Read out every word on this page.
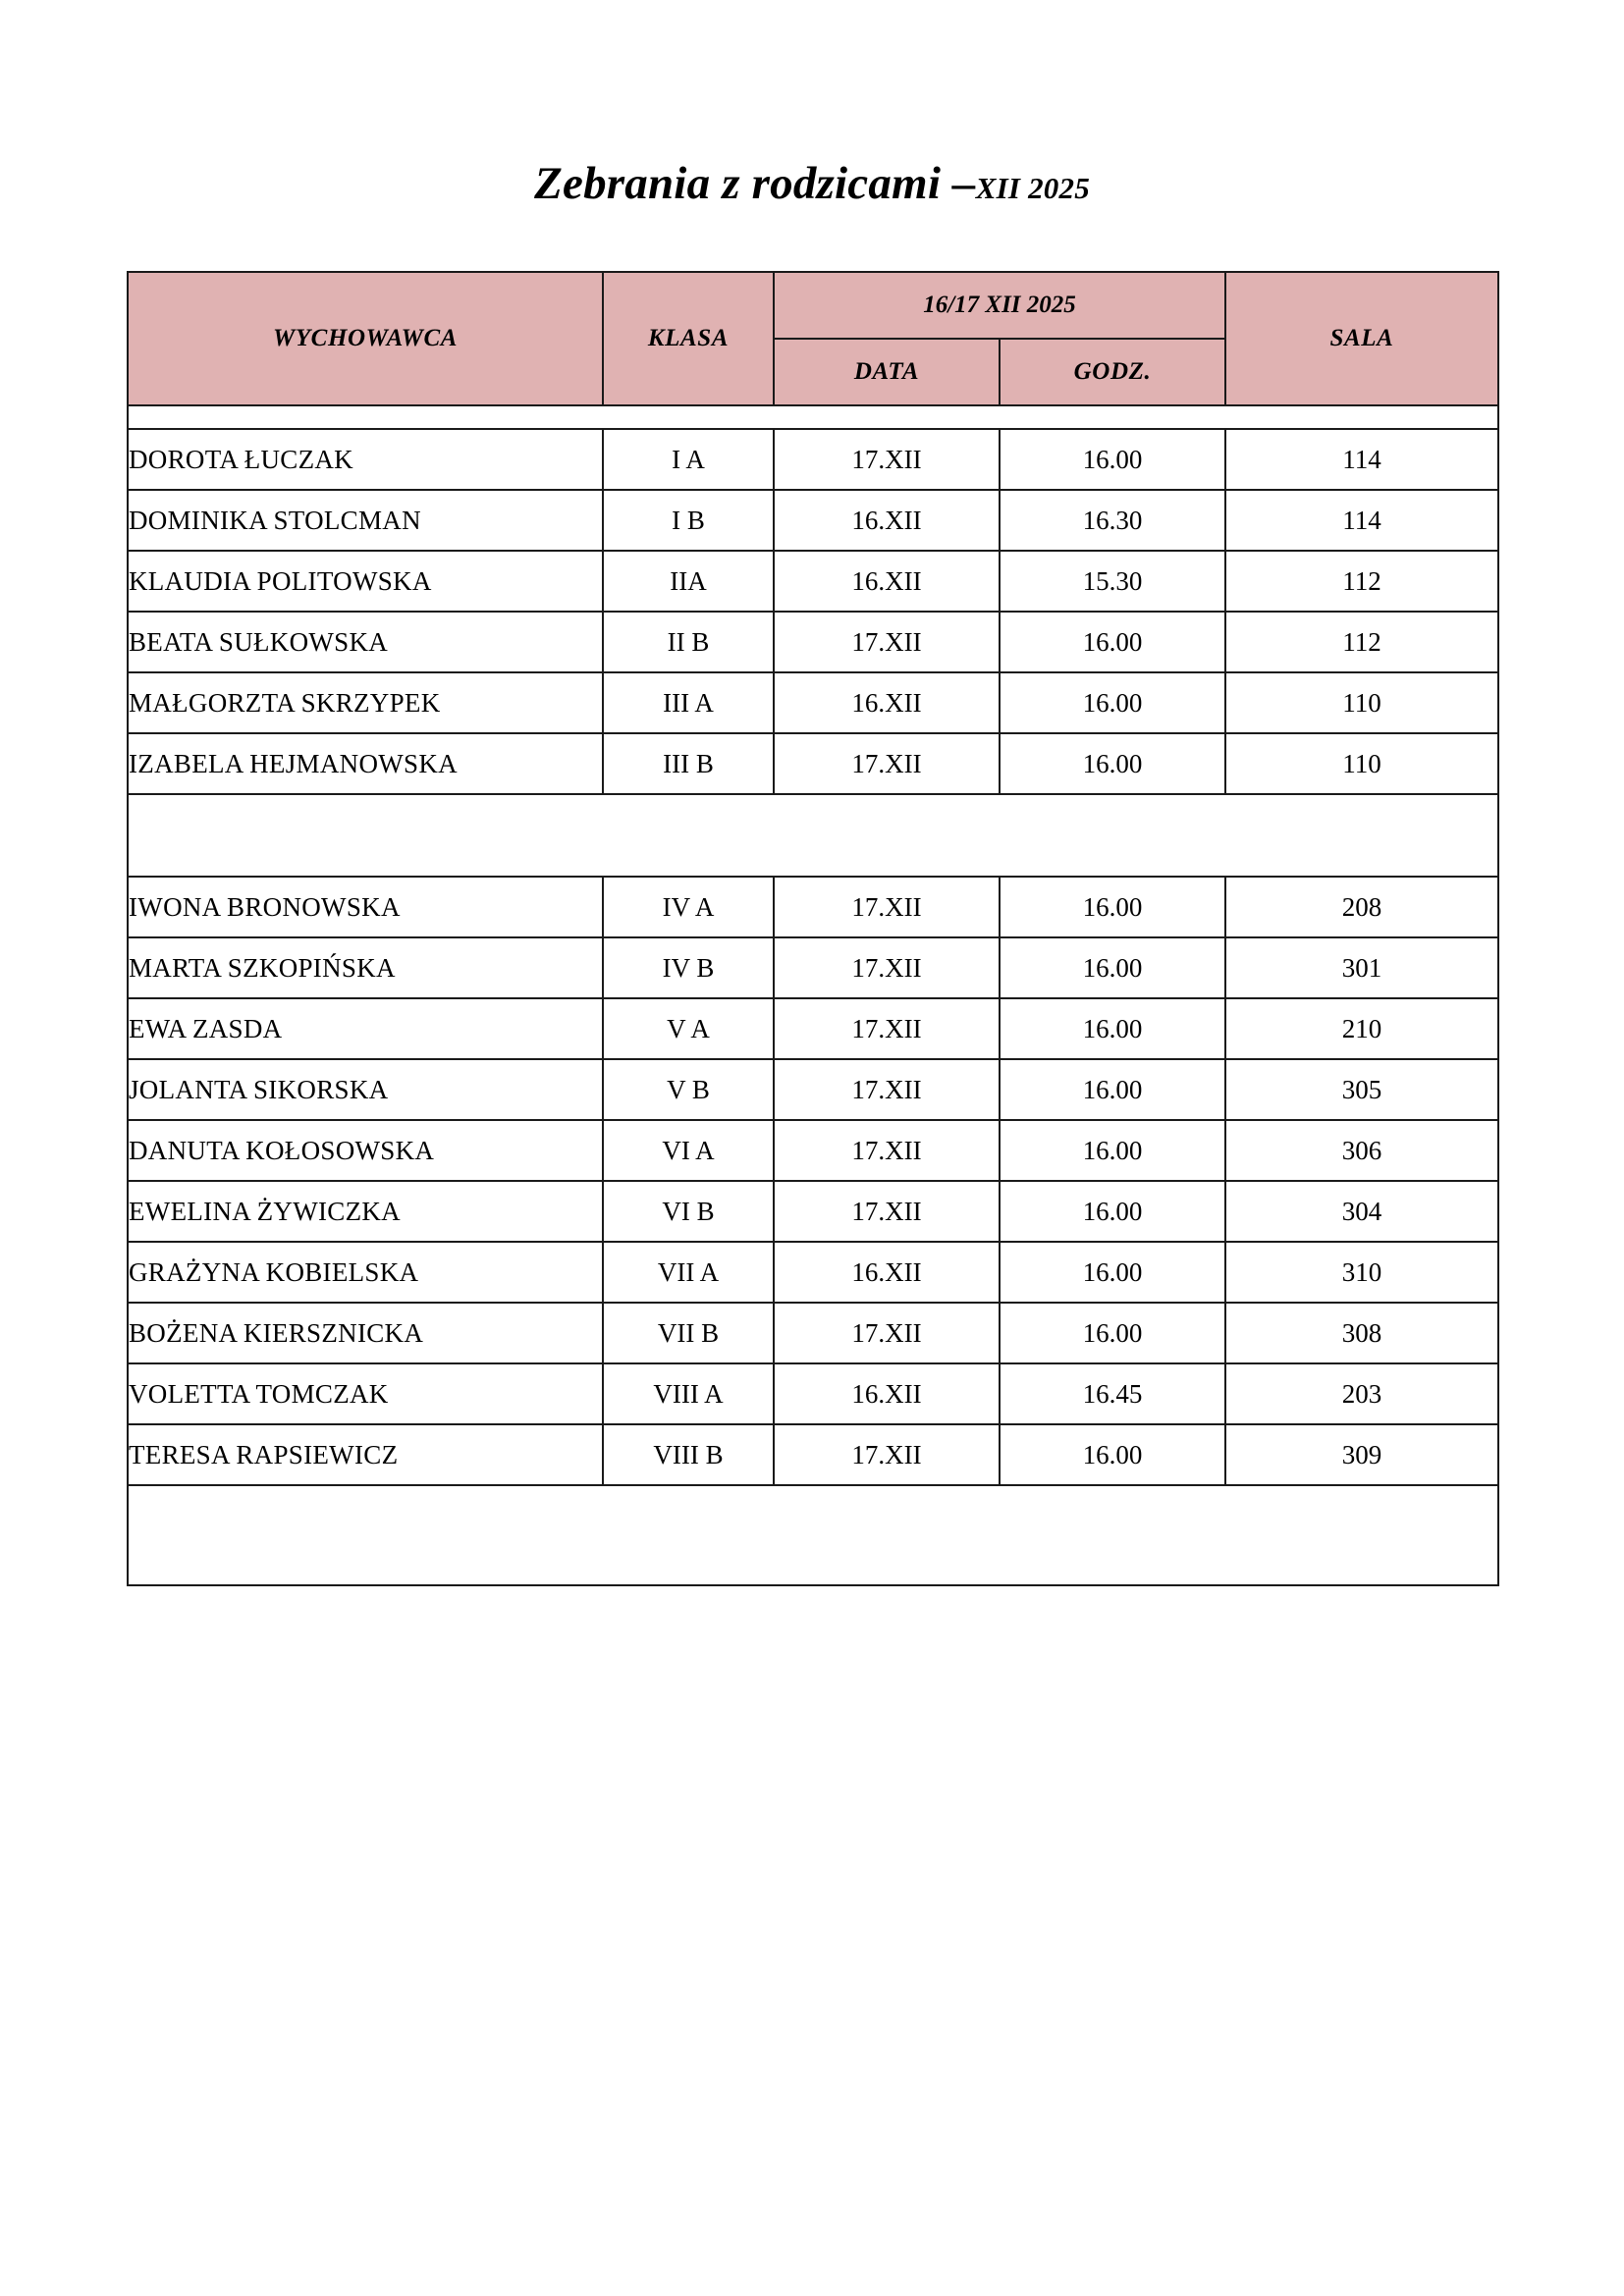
Zebrania z rodzicami –XII 2025
WYCHOWAWCA	KLASA	16/17 XII 2025		SALA
		DATA	GODZ.	

DOROTA ŁUCZAK	I A	17.XII	16.00	114
DOMINIKA STOLCMAN	I B	16.XII	16.30	114
KLAUDIA POLITOWSKA	IIA	16.XII	15.30	112
BEATA SUŁKOWSKA	II B	17.XII	16.00	112
MAŁGORZTA SKRZYPEK	III A	16.XII	16.00	110
IZABELA HEJMANOWSKA	III B	17.XII	16.00	110

IWONA BRONOWSKA	IV A	17.XII	16.00	208
MARTA SZKOPIŃSKA	IV B	17.XII	16.00	301
EWA ZASDA	V A	17.XII	16.00	210
JOLANTA SIKORSKA	V B	17.XII	16.00	305
DANUTA KOŁOSOWSKA	VI A	17.XII	16.00	306
EWELINA ŻYWICZKA	VI B	17.XII	16.00	304
GRAŻYNA KOBIELSKA	VII A	16.XII	16.00	310
BOŻENA KIERSZNICKA	VII B	17.XII	16.00	308
VOLETTA TOMCZAK	VIII A	16.XII	16.45	203
TERESA RAPSIEWICZ	VIII B	17.XII	16.00	309
